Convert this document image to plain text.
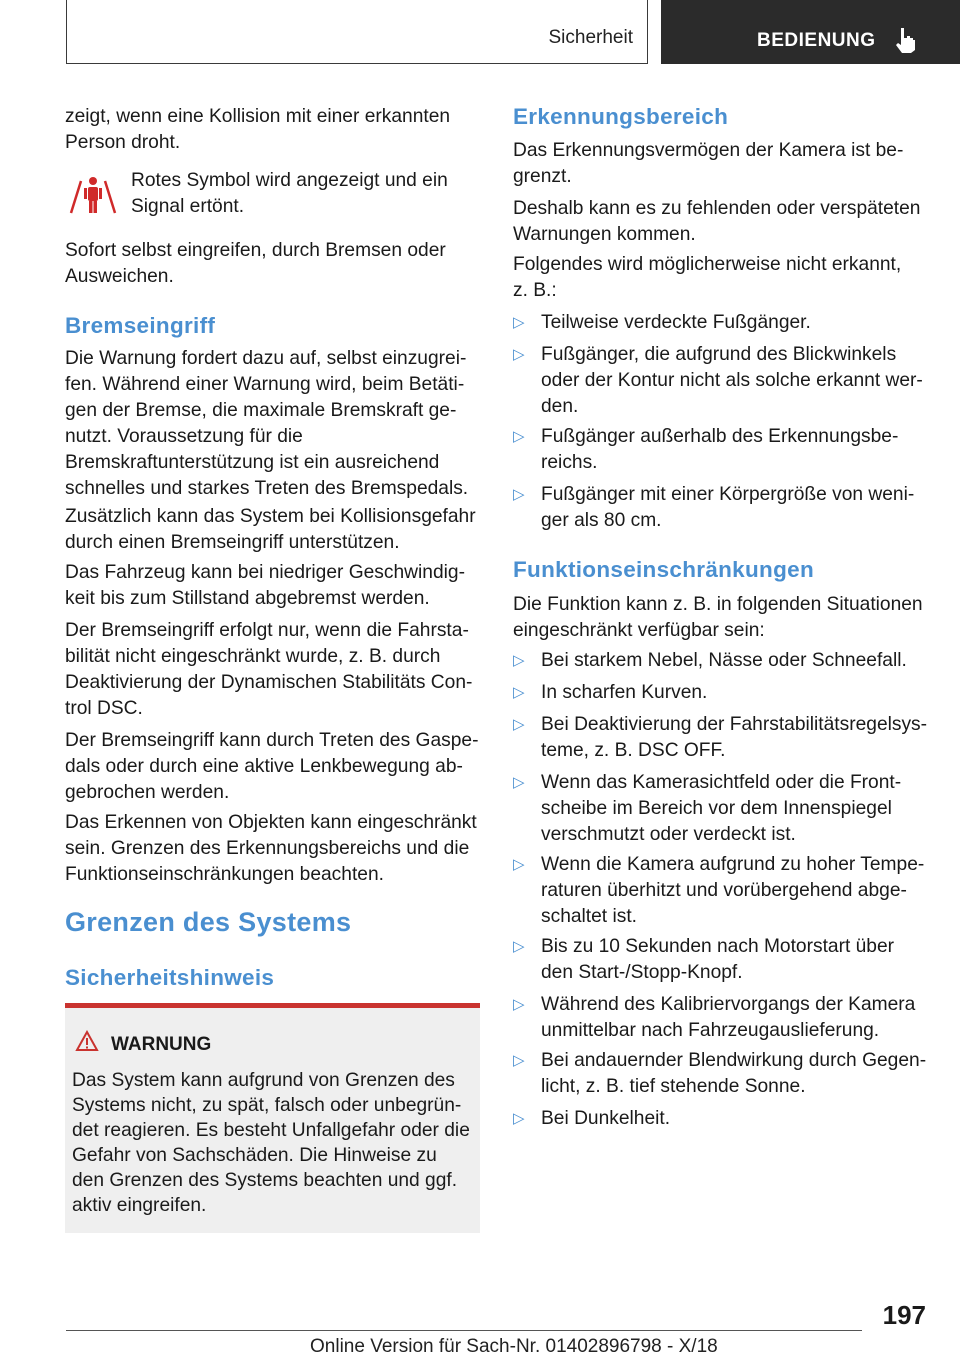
Sicherheit	BEDIENUNG

zeigt, wenn eine Kollision mit einer erkannten Person droht.

Rotes Symbol wird angezeigt und ein Signal ertönt.

Sofort selbst eingreifen, durch Bremsen oder Ausweichen.

Bremseingriff

Die Warnung fordert dazu auf, selbst einzugreifen. Während einer Warnung wird, beim Betätigen der Bremse, die maximale Bremskraft genutzt. Voraussetzung für die Bremskraftunterstützung ist ein ausreichend schnelles und starkes Treten des Bremspedals.

Zusätzlich kann das System bei Kollisionsgefahr durch einen Bremseingriff unterstützen.

Das Fahrzeug kann bei niedriger Geschwindigkeit bis zum Stillstand abgebremst werden.

Der Bremseingriff erfolgt nur, wenn die Fahrstabilität nicht eingeschränkt wurde, z. B. durch Deaktivierung der Dynamischen Stabilitäts Control DSC.

Der Bremseingriff kann durch Treten des Gaspedals oder durch eine aktive Lenkbewegung abgebrochen werden.

Das Erkennen von Objekten kann eingeschränkt sein. Grenzen des Erkennungsbereichs und die Funktionseinschränkungen beachten.

Grenzen des Systems
Sicherheitshinweis
WARNUNG
Das System kann aufgrund von Grenzen des Systems nicht, zu spät, falsch oder unbegründet reagieren. Es besteht Unfallgefahr oder die Gefahr von Sachschäden. Die Hinweise zu den Grenzen des Systems beachten und ggf. aktiv eingreifen.
Erkennungsbereich

Das Erkennungsvermögen der Kamera ist begrenzt.

Deshalb kann es zu fehlenden oder verspäteten Warnungen kommen.

Folgendes wird möglicherweise nicht erkannt, z. B.:

▷ Teilweise verdeckte Fußgänger.
▷ Fußgänger, die aufgrund des Blickwinkels oder der Kontur nicht als solche erkannt werden.
▷ Fußgänger außerhalb des Erkennungsbereichs.
▷ Fußgänger mit einer Körpergröße von weniger als 80 cm.
Funktionseinschränkungen

Die Funktion kann z. B. in folgenden Situationen eingeschränkt verfügbar sein:

▷ Bei starkem Nebel, Nässe oder Schneefall.
▷ In scharfen Kurven.
▷ Bei Deaktivierung der Fahrstabilitätsregelsysteme, z. B. DSC OFF.
▷ Wenn das Kamerasichtfeld oder die Frontscheibe im Bereich vor dem Innenspiegel verschmutzt oder verdeckt ist.
▷ Wenn die Kamera aufgrund zu hoher Temperaturen überhitzt und vorübergehend abgeschaltet ist.
▷ Bis zu 10 Sekunden nach Motorstart über den Start-/Stopp-Knopf.
▷ Während des Kalibriervorgangs der Kamera unmittelbar nach Fahrzeugauslieferung.
▷ Bei andauernder Blendwirkung durch Gegenlicht, z. B. tief stehende Sonne.
▷ Bei Dunkelheit.
197
Online Version für Sach-Nr. 01402896798 - X/18
